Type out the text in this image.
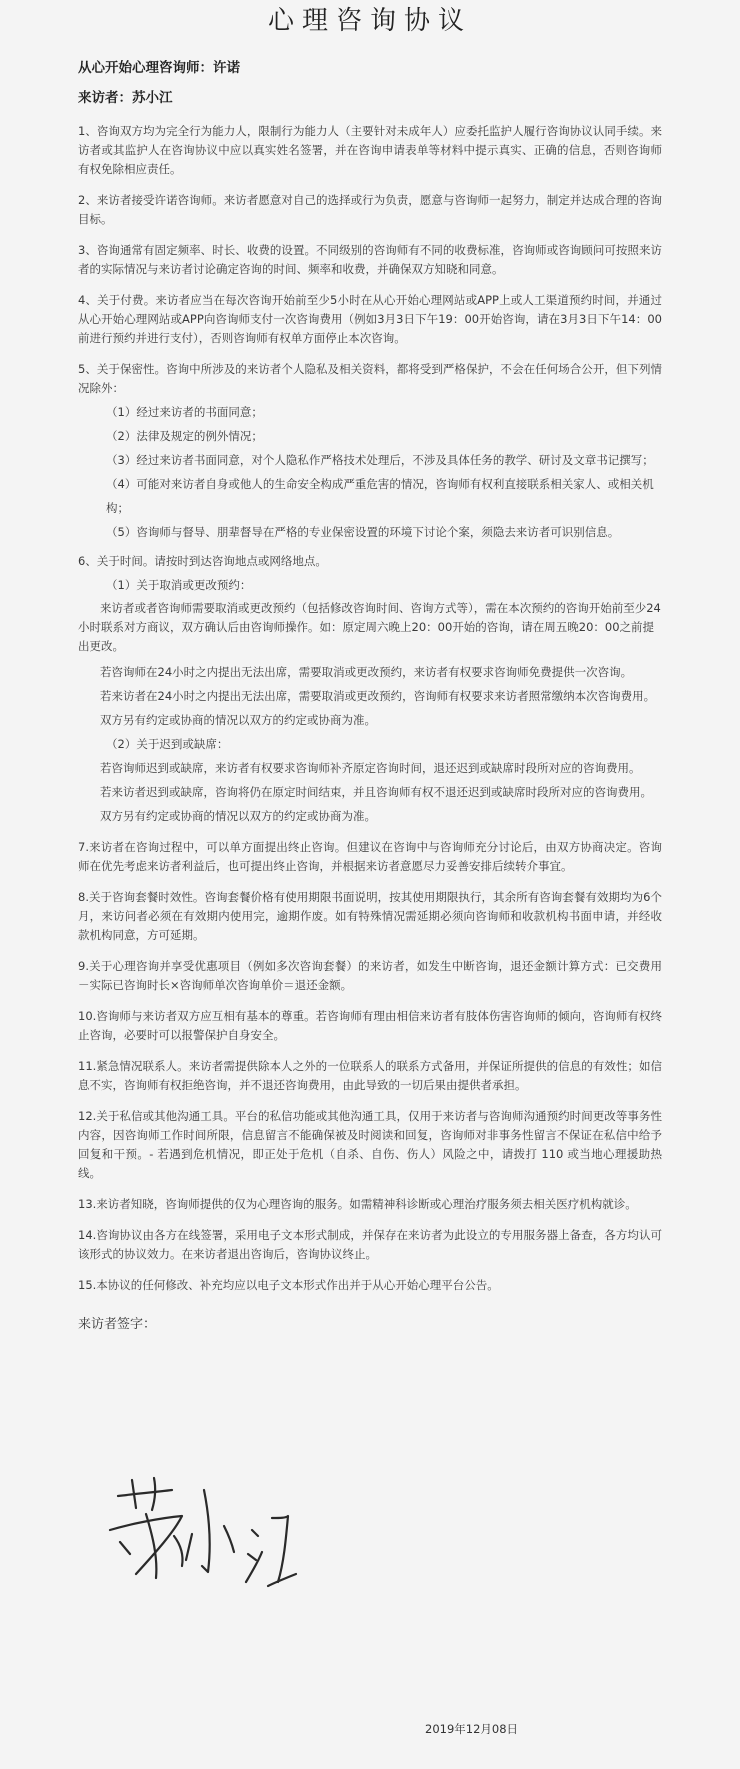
心理咨询协议

从心开始心理咨询师：许诺

来访者：苏小江

1、咨询双方均为完全行为能力人，限制行为能力人（主要针对未成年人）应委托监护人履行咨询协议认同手续。来访者或其监护人在咨询协议中应以真实姓名签署，并在咨询申请表单等材料中提示真实、正确的信息，否则咨询师有权免除相应责任。

2、来访者接受许诺咨询师。来访者愿意对自己的选择或行为负责，愿意与咨询师一起努力，制定并达成合理的咨询目标。

3、咨询通常有固定频率、时长、收费的设置。不同级别的咨询师有不同的收费标准，咨询师或咨询顾问可按照来访者的实际情况与来访者讨论确定咨询的时间、频率和收费，并确保双方知晓和同意。

4、关于付费。来访者应当在每次咨询开始前至少5小时在从心开始心理网站或APP上或人工渠道预约时间，并通过从心开始心理网站或APP向咨询师支付一次咨询费用（例如3月3日下午19：00开始咨询，请在3月3日下午14：00前进行预约并进行支付），否则咨询师有权单方面停止本次咨询。

5、关于保密性。咨询中所涉及的来访者个人隐私及相关资料，都将受到严格保护，不会在任何场合公开，但下列情况除外：

（1）经过来访者的书面同意；

（2）法律及规定的例外情况；

（3）经过来访者书面同意，对个人隐私作严格技术处理后，不涉及具体任务的教学、研讨及文章书记撰写；

（4）可能对来访者自身或他人的生命安全构成严重危害的情况，咨询师有权利直接联系相关家人、或相关机构；

（5）咨询师与督导、朋辈督导在严格的专业保密设置的环境下讨论个案，须隐去来访者可识别信息。

6、关于时间。请按时到达咨询地点或网络地点。

（1）关于取消或更改预约：

来访者或者咨询师需要取消或更改预约（包括修改咨询时间、咨询方式等），需在本次预约的咨询开始前至少24小时联系对方商议，双方确认后由咨询师操作。如：原定周六晚上20：00开始的咨询，请在周五晚20：00之前提出更改。

若咨询师在24小时之内提出无法出席，需要取消或更改预约，来访者有权要求咨询师免费提供一次咨询。

若来访者在24小时之内提出无法出席，需要取消或更改预约，咨询师有权要求来访者照常缴纳本次咨询费用。

双方另有约定或协商的情况以双方的约定或协商为准。

（2）关于迟到或缺席：

若咨询师迟到或缺席，来访者有权要求咨询师补齐原定咨询时间，退还迟到或缺席时段所对应的咨询费用。

若来访者迟到或缺席，咨询将仍在原定时间结束，并且咨询师有权不退还迟到或缺席时段所对应的咨询费用。

双方另有约定或协商的情况以双方的约定或协商为准。

7.来访者在咨询过程中，可以单方面提出终止咨询。但建议在咨询中与咨询师充分讨论后，由双方协商决定。咨询师在优先考虑来访者利益后，也可提出终止咨询，并根据来访者意愿尽力妥善安排后续转介事宜。

8.关于咨询套餐时效性。咨询套餐价格有使用期限书面说明，按其使用期限执行，其余所有咨询套餐有效期均为6个月，来访问者必须在有效期内使用完，逾期作废。如有特殊情况需延期必须向咨询师和收款机构书面申请，并经收款机构同意，方可延期。

9.关于心理咨询并享受优惠项目（例如多次咨询套餐）的来访者，如发生中断咨询，退还金额计算方式：已交费用－实际已咨询时长×咨询师单次咨询单价＝退还金额。

10.咨询师与来访者双方应互相有基本的尊重。若咨询师有理由相信来访者有肢体伤害咨询师的倾向，咨询师有权终止咨询，必要时可以报警保护自身安全。

11.紧急情况联系人。来访者需提供除本人之外的一位联系人的联系方式备用，并保证所提供的信息的有效性；如信息不实，咨询师有权拒绝咨询，并不退还咨询费用，由此导致的一切后果由提供者承担。

12.关于私信或其他沟通工具。平台的私信功能或其他沟通工具，仅用于来访者与咨询师沟通预约时间更改等事务性内容，因咨询师工作时间所限，信息留言不能确保被及时阅读和回复，咨询师对非事务性留言不保证在私信中给予回复和干预。- 若遇到危机情况，即正处于危机（自杀、自伤、伤人）风险之中，请拨打 110 或当地心理援助热线。

13.来访者知晓，咨询师提供的仅为心理咨询的服务。如需精神科诊断或心理治疗服务须去相关医疗机构就诊。

14.咨询协议由各方在线签署，采用电子文本形式制成，并保存在来访者为此设立的专用服务器上备查，各方均认可该形式的协议效力。在来访者退出咨询后，咨询协议终止。

15.本协议的任何修改、补充均应以电子文本形式作出并于从心开始心理平台公告。

来访者签字：
2019年12月08日
